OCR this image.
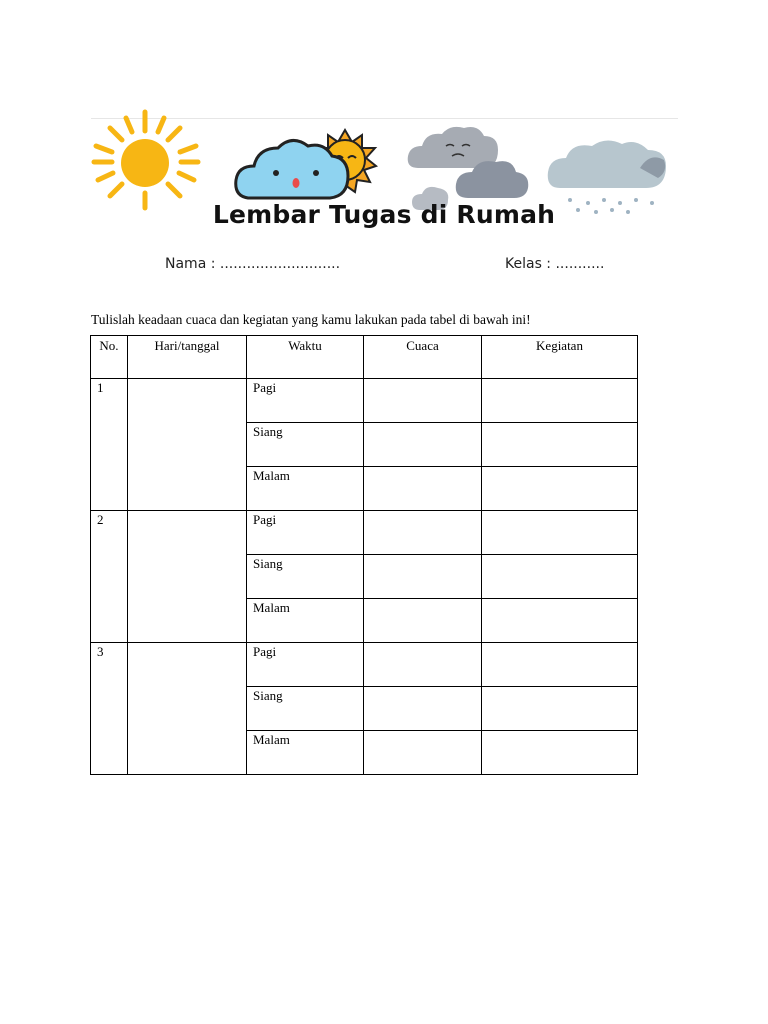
Lembar Tugas di Rumah
Nama : ...........................	Kelas : ...........
Tulislah keadaan cuaca dan kegiatan yang kamu lakukan pada tabel di bawah ini!
No.	Hari/tanggal	Waktu	Cuaca	Kegiatan
1		Pagi		
		Siang		
		Malam		
2		Pagi		
		Siang		
		Malam		
3		Pagi		
		Siang		
		Malam		
